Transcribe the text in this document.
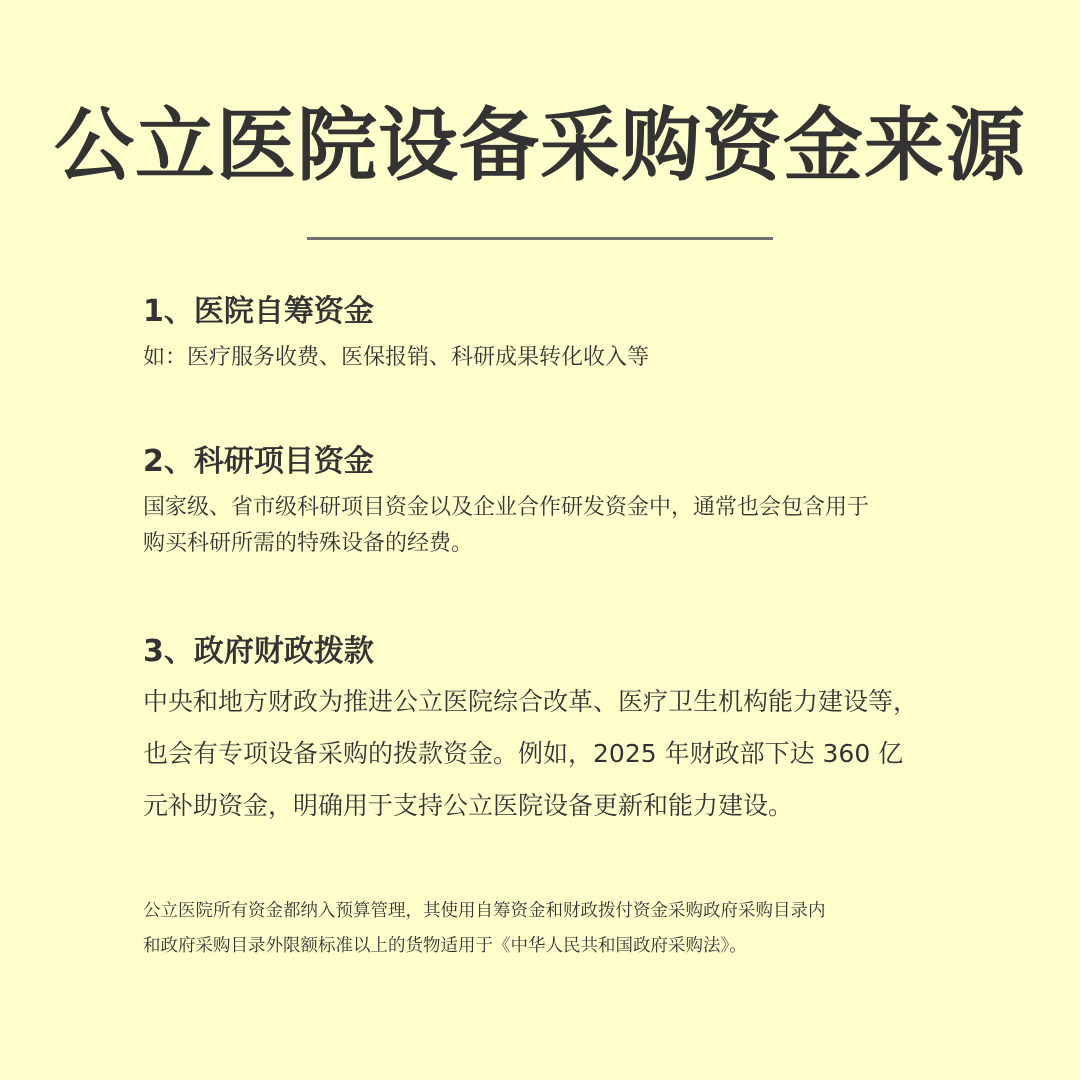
公立医院设备采购资金来源
1、医院自筹资金
如：医疗服务收费、医保报销、科研成果转化收入等
2、科研项目资金
国家级、省市级科研项目资金以及企业合作研发资金中，通常也会包含用于
购买科研所需的特殊设备的经费。
3、政府财政拨款
中央和地方财政为推进公立医院综合改革、医疗卫生机构能力建设等，
也会有专项设备采购的拨款资金。例如，2025 年财政部下达 360 亿
元补助资金，明确用于支持公立医院设备更新和能力建设。
公立医院所有资金都纳入预算管理，其使用自筹资金和财政拨付资金采购政府采购目录内
和政府采购目录外限额标准以上的货物适用于《中华人民共和国政府采购法》。
